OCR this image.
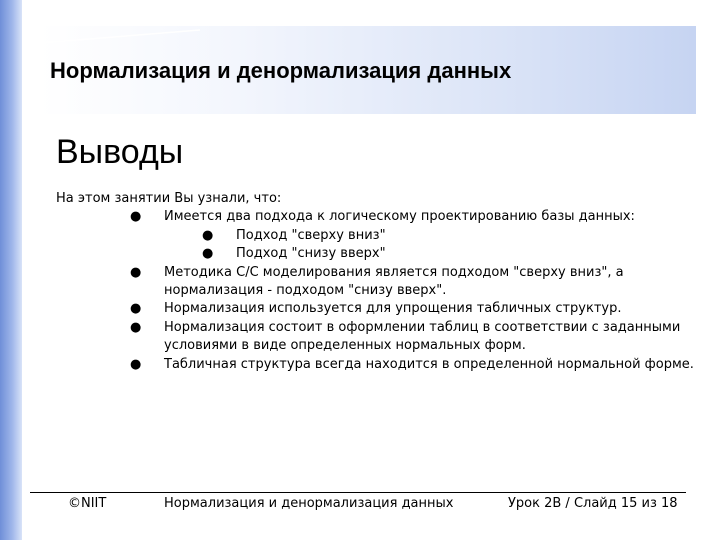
Нормализация и денормализация данных
Выводы

На этом занятии Вы узнали, что:

● Имеется два подхода к логическому проектированию базы данных:
● Подход "сверху вниз"
● Подход "снизу вверх"
● Методика С/С моделирования является подходом "сверху вниз", а нормализация - подходом "снизу вверх".
● Нормализация используется для упрощения табличных структур.
● Нормализация состоит в оформлении таблиц в соответствии с заданными условиями в виде определенных нормальных форм.
● Табличная структура всегда находится в определенной нормальной форме.
©NIIT	Нормализация и денормализация данных	Урок 2В / Слайд 15 из 18
